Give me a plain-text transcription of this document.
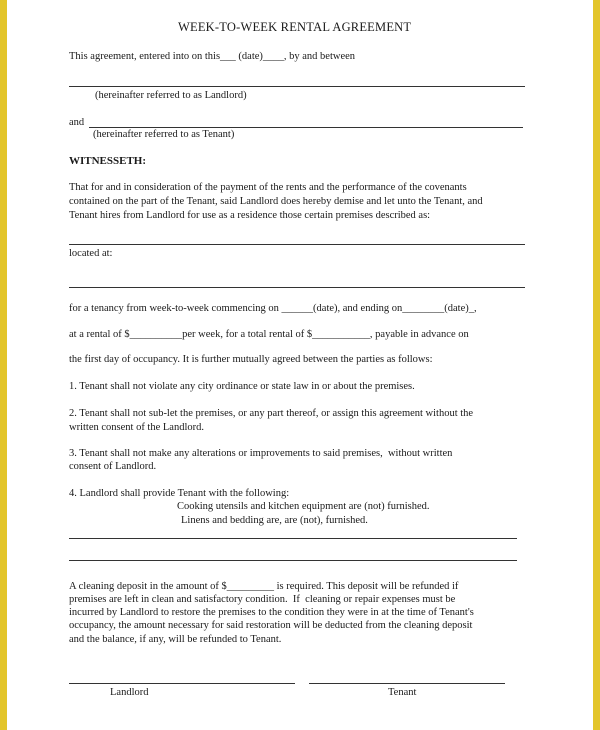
WEEK-TO-WEEK RENTAL AGREEMENT
This agreement, entered into on this___ (date)____, by and between
(hereinafter referred to as Landlord)
and
(hereinafter referred to as Tenant)
WITNESSETH:
That for and in consideration of the payment of the rents and the performance of the covenants
contained on the part of the Tenant, said Landlord does hereby demise and let unto the Tenant, and
Tenant hires from Landlord for use as a residence those certain premises described as:
located at:
for a tenancy from week-to-week commencing on ______(date), and ending on________(date)_,
at a rental of $__________per week, for a total rental of $___________, payable in advance on
the first day of occupancy. It is further mutually agreed between the parties as follows:
1. Tenant shall not violate any city ordinance or state law in or about the premises.
2. Tenant shall not sub-let the premises, or any part thereof, or assign this agreement without the
written consent of the Landlord.
3. Tenant shall not make any alterations or improvements to said premises,  without written
consent of Landlord.
4. Landlord shall provide Tenant with the following:
Cooking utensils and kitchen equipment are (not) furnished.
Linens and bedding are, are (not), furnished.
A cleaning deposit in the amount of $_________ is required. This deposit will be refunded if
premises are left in clean and satisfactory condition.  If  cleaning or repair expenses must be
incurred by Landlord to restore the premises to the condition they were in at the time of Tenant's
occupancy, the amount necessary for said restoration will be deducted from the cleaning deposit
and the balance, if any, will be refunded to Tenant.
Landlord	Tenant
